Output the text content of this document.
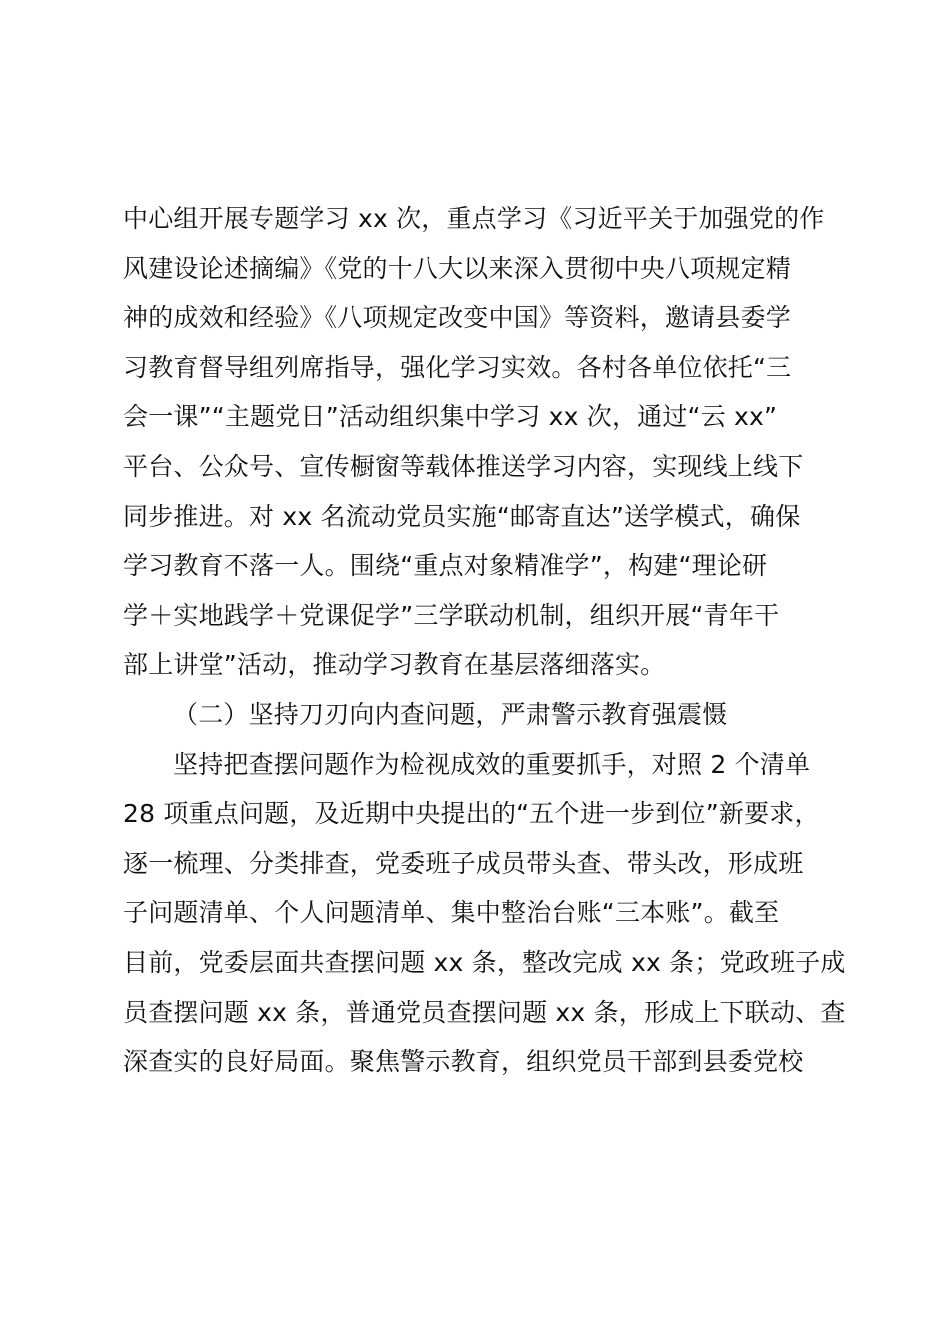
中心组开展专题学习 xx 次，重点学习《习近平关于加强党的作
风建设论述摘编》《党的十八大以来深入贯彻中央八项规定精
神的成效和经验》《八项规定改变中国》等资料，邀请县委学
习教育督导组列席指导，强化学习实效。各村各单位依托“三
会一课”“主题党日”活动组织集中学习 xx 次，通过“云 xx”
平台、公众号、宣传橱窗等载体推送学习内容，实现线上线下
同步推进。对 xx 名流动党员实施“邮寄直达”送学模式，确保
学习教育不落一人。围绕“重点对象精准学”，构建“理论研
学＋实地践学＋党课促学”三学联动机制，组织开展“青年干
部上讲堂”活动，推动学习教育在基层落细落实。
（二）坚持刀刃向内查问题，严肃警示教育强震慑
坚持把查摆问题作为检视成效的重要抓手，对照 2 个清单
28 项重点问题，及近期中央提出的“五个进一步到位”新要求，
逐一梳理、分类排查，党委班子成员带头查、带头改，形成班
子问题清单、个人问题清单、集中整治台账“三本账”。截至
目前，党委层面共查摆问题 xx 条，整改完成 xx 条；党政班子成
员查摆问题 xx 条，普通党员查摆问题 xx 条，形成上下联动、查
深查实的良好局面。聚焦警示教育，组织党员干部到县委党校
